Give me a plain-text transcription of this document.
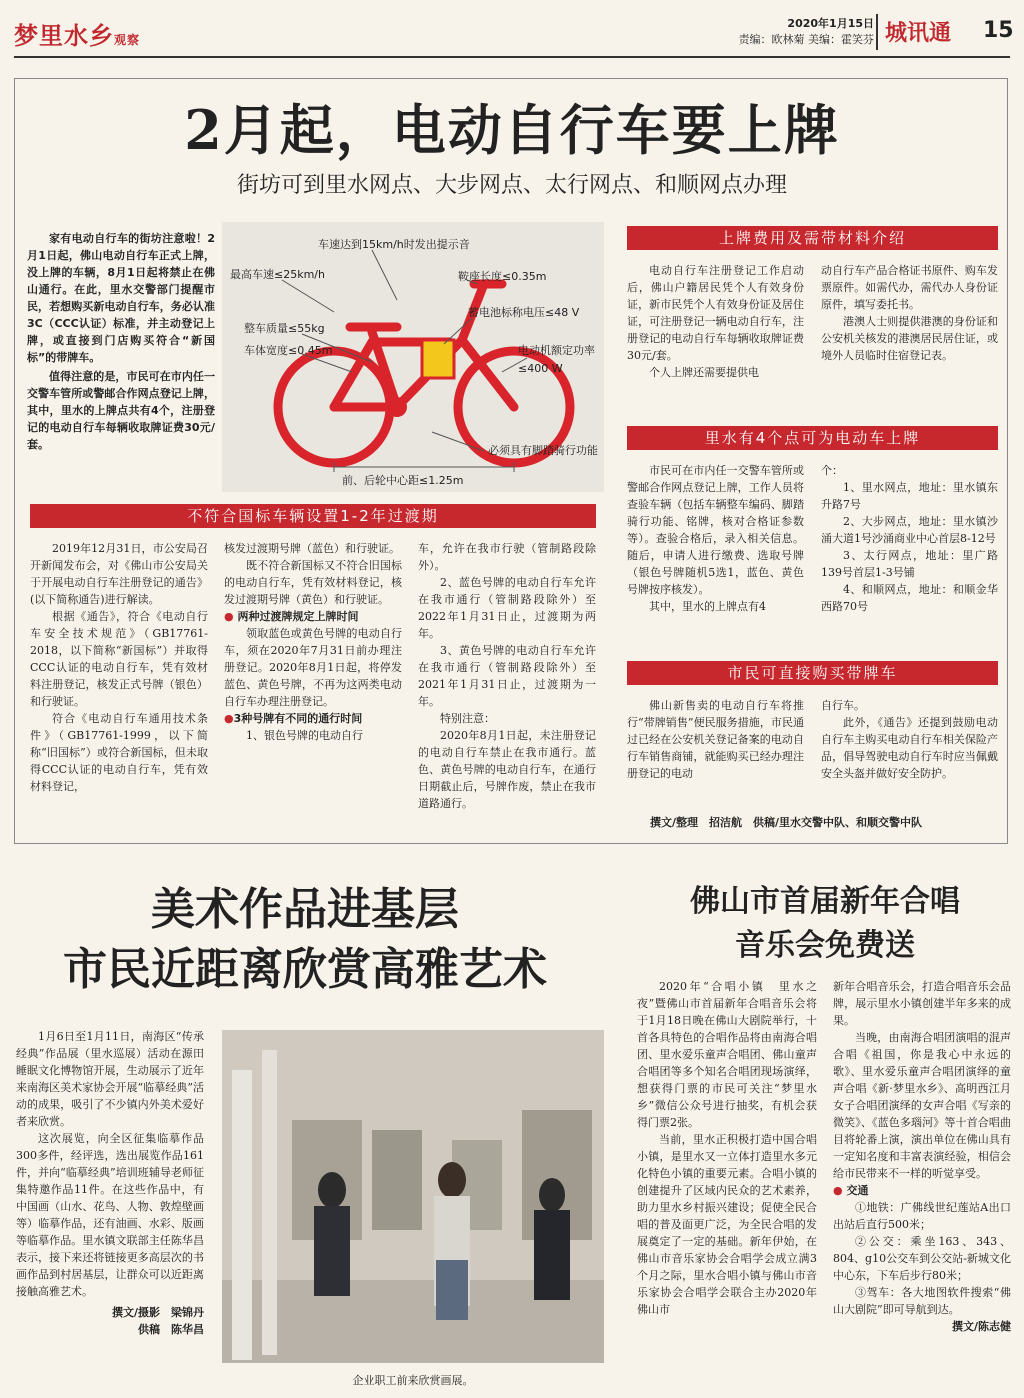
梦里水乡观察
2020年1月15日
责编：欧林菊 美编：霍笑芬 城讯通 15
2月起，电动自行车要上牌
街坊可到里水网点、大步网点、太行网点、和顺网点办理

家有电动自行车的街坊注意啦！2月1日起，佛山电动自行车正式上牌，没上牌的车辆，8月1日起将禁止在佛山通行。在此，里水交警部门提醒市民，若想购买新电动自行车，务必认准3C（CCC认证）标准，并主动登记上牌，或直接到门店购买符合“新国标”的带牌车。

值得注意的是，市民可在市内任一交警车管所或警邮合作网点登记上牌，其中，里水的上牌点共有4个，注册登记的电动自行车每辆收取牌证费30元/套。

车速达到15km/h时发出提示音
最高车速≤25km/h	鞍座长度≤0.35m
蓄电池标称电压≤48 V
整车质量≤55kg
车体宽度≤0.45m	电动机额定功率
≤400 W
必须具有脚踏骑行功能
前、后轮中心距≤1.25m
不符合国标车辆设置1-2年过渡期

2019年12月31日，市公安局召开新闻发布会，对《佛山市公安局关于开展电动自行车注册登记的通告》(以下简称通告)进行解读。

根据《通告》，符合《电动自行车安全技术规范》（GB17761-2018，以下简称“新国标”）并取得CCC认证的电动自行车，凭有效材料注册登记，核发正式号牌（银色）和行驶证。

符合《电动自行车通用技术条件》（GB17761-1999，以下简称“旧国标”）或符合新国标，但未取得CCC认证的电动自行车，凭有效材料登记，

核发过渡期号牌（蓝色）和行驶证。

既不符合新国标又不符合旧国标的电动自行车，凭有效材料登记，核发过渡期号牌（黄色）和行驶证。

● 两种过渡牌规定上牌时间

领取蓝色或黄色号牌的电动自行车，须在2020年7月31日前办理注册登记。2020年8月1日起，将停发蓝色、黄色号牌，不再为这两类电动自行车办理注册登记。

●3种号牌有不同的通行时间

1、银色号牌的电动自行

车，允许在我市行驶（管制路段除外）。

2、蓝色号牌的电动自行车允许在我市通行（管制路段除外）至2022年1月31日止，过渡期为两年。

3、黄色号牌的电动自行车允许在我市通行（管制路段除外）至2021年1月31日止，过渡期为一年。

特别注意：

2020年8月1日起，未注册登记的电动自行车禁止在我市通行。蓝色、黄色号牌的电动自行车，在通行日期截止后，号牌作废，禁止在我市道路通行。

上牌费用及需带材料介绍

电动自行车注册登记工作启动后，佛山户籍居民凭个人有效身份证，新市民凭个人有效身份证及居住证，可注册登记一辆电动自行车，注册登记的电动自行车每辆收取牌证费30元/套。

个人上牌还需要提供电

动自行车产品合格证书原件、购车发票原件。如需代办，需代办人身份证原件，填写委托书。

港澳人士则提供港澳的身份证和公安机关核发的港澳居民居住证，或境外人员临时住宿登记表。

里水有4个点可为电动车上牌

市民可在市内任一交警车管所或警邮合作网点登记上牌，工作人员将查验车辆（包括车辆整车编码、脚踏骑行功能、铭牌，核对合格证参数等）。查验合格后，录入相关信息。随后，申请人进行缴费、选取号牌（银色号牌随机5选1，蓝色、黄色号牌按序核发）。

其中，里水的上牌点有4

个：

1、里水网点，地址：里水镇东升路7号

2、大步网点，地址：里水镇沙涌大道1号沙涌商业中心首层8-12号

3、太行网点，地址：里广路139号首层1-3号铺

4、和顺网点，地址：和顺金华西路70号

市民可直接购买带牌车

佛山新售卖的电动自行车将推行“带牌销售”便民服务措施，市民通过已经在公安机关登记备案的电动自行车销售商铺，就能购买已经办理注册登记的电动

自行车。

此外，《通告》还提到鼓励电动自行车主购买电动自行车相关保险产品，倡导驾驶电动自行车时应当佩戴安全头盔并做好安全防护。

撰文/整理　招洁航　供稿/里水交警中队、和顺交警中队
美术作品进基层
市民近距离欣赏高雅艺术

1月6日至1月11日，南海区“传承经典”作品展（里水巡展）活动在源田睡眠文化博物馆开展，生动展示了近年来南海区美术家协会开展“临摹经典”活动的成果，吸引了不少镇内外美术爱好者来欣赏。

这次展览，向全区征集临摹作品300多件，经评选，选出展览作品161件，并向“临摹经典”培训班辅导老师征集特邀作品11件。在这些作品中，有中国画（山水、花鸟、人物、敦煌壁画等）临摹作品，还有油画、水彩、版画等临摹作品。里水镇文联部主任陈华昌表示，接下来还将链接更多高层次的书画作品到村居基层，让群众可以近距离接触高雅艺术。

撰文/摄影　梁锦丹
供稿　陈华昌
企业职工前来欣赏画展。
佛山市首届新年合唱
音乐会免费送

2020年“合唱小镇　里水之夜”暨佛山市首届新年合唱音乐会将于1月18日晚在佛山大剧院举行，十首各具特色的合唱作品将由南海合唱团、里水爱乐童声合唱团、佛山童声合唱团等多个知名合唱团现场演绎，想获得门票的市民可关注“梦里水乡”微信公众号进行抽奖，有机会获得门票2张。

当前，里水正积极打造中国合唱小镇，是里水又一立体打造里水多元化特色小镇的重要元素。合唱小镇的创建提升了区域内民众的艺术素养，助力里水乡村振兴建设；促使全民合唱的普及面更广泛，为全民合唱的发展奠定了一定的基础。新年伊始，在佛山市音乐家协会合唱学会成立满3个月之际，里水合唱小镇与佛山市音乐家协会合唱学会联合主办2020年佛山市

新年合唱音乐会，打造合唱音乐会品牌，展示里水小镇创建半年多来的成果。

当晚，由南海合唱团演唱的混声合唱《祖国，你是我心中永远的歌》、里水爱乐童声合唱团演绎的童声合唱《新·梦里水乡》、高明西江月女子合唱团演绎的女声合唱《写亲的微笑》、《蓝色多瑙河》等十首合唱曲目将轮番上演，演出单位在佛山具有一定知名度和丰富表演经验，相信会给市民带来不一样的听觉享受。

● 交通

①地铁：广佛线世纪莲站A出口出站后直行500米；

②公交：乘坐163、343、804、g10公交车到公交站-新城文化中心东，下车后步行80米；

③驾车：各大地图软件搜索“佛山大剧院”即可导航到达。

撰文/陈志健
